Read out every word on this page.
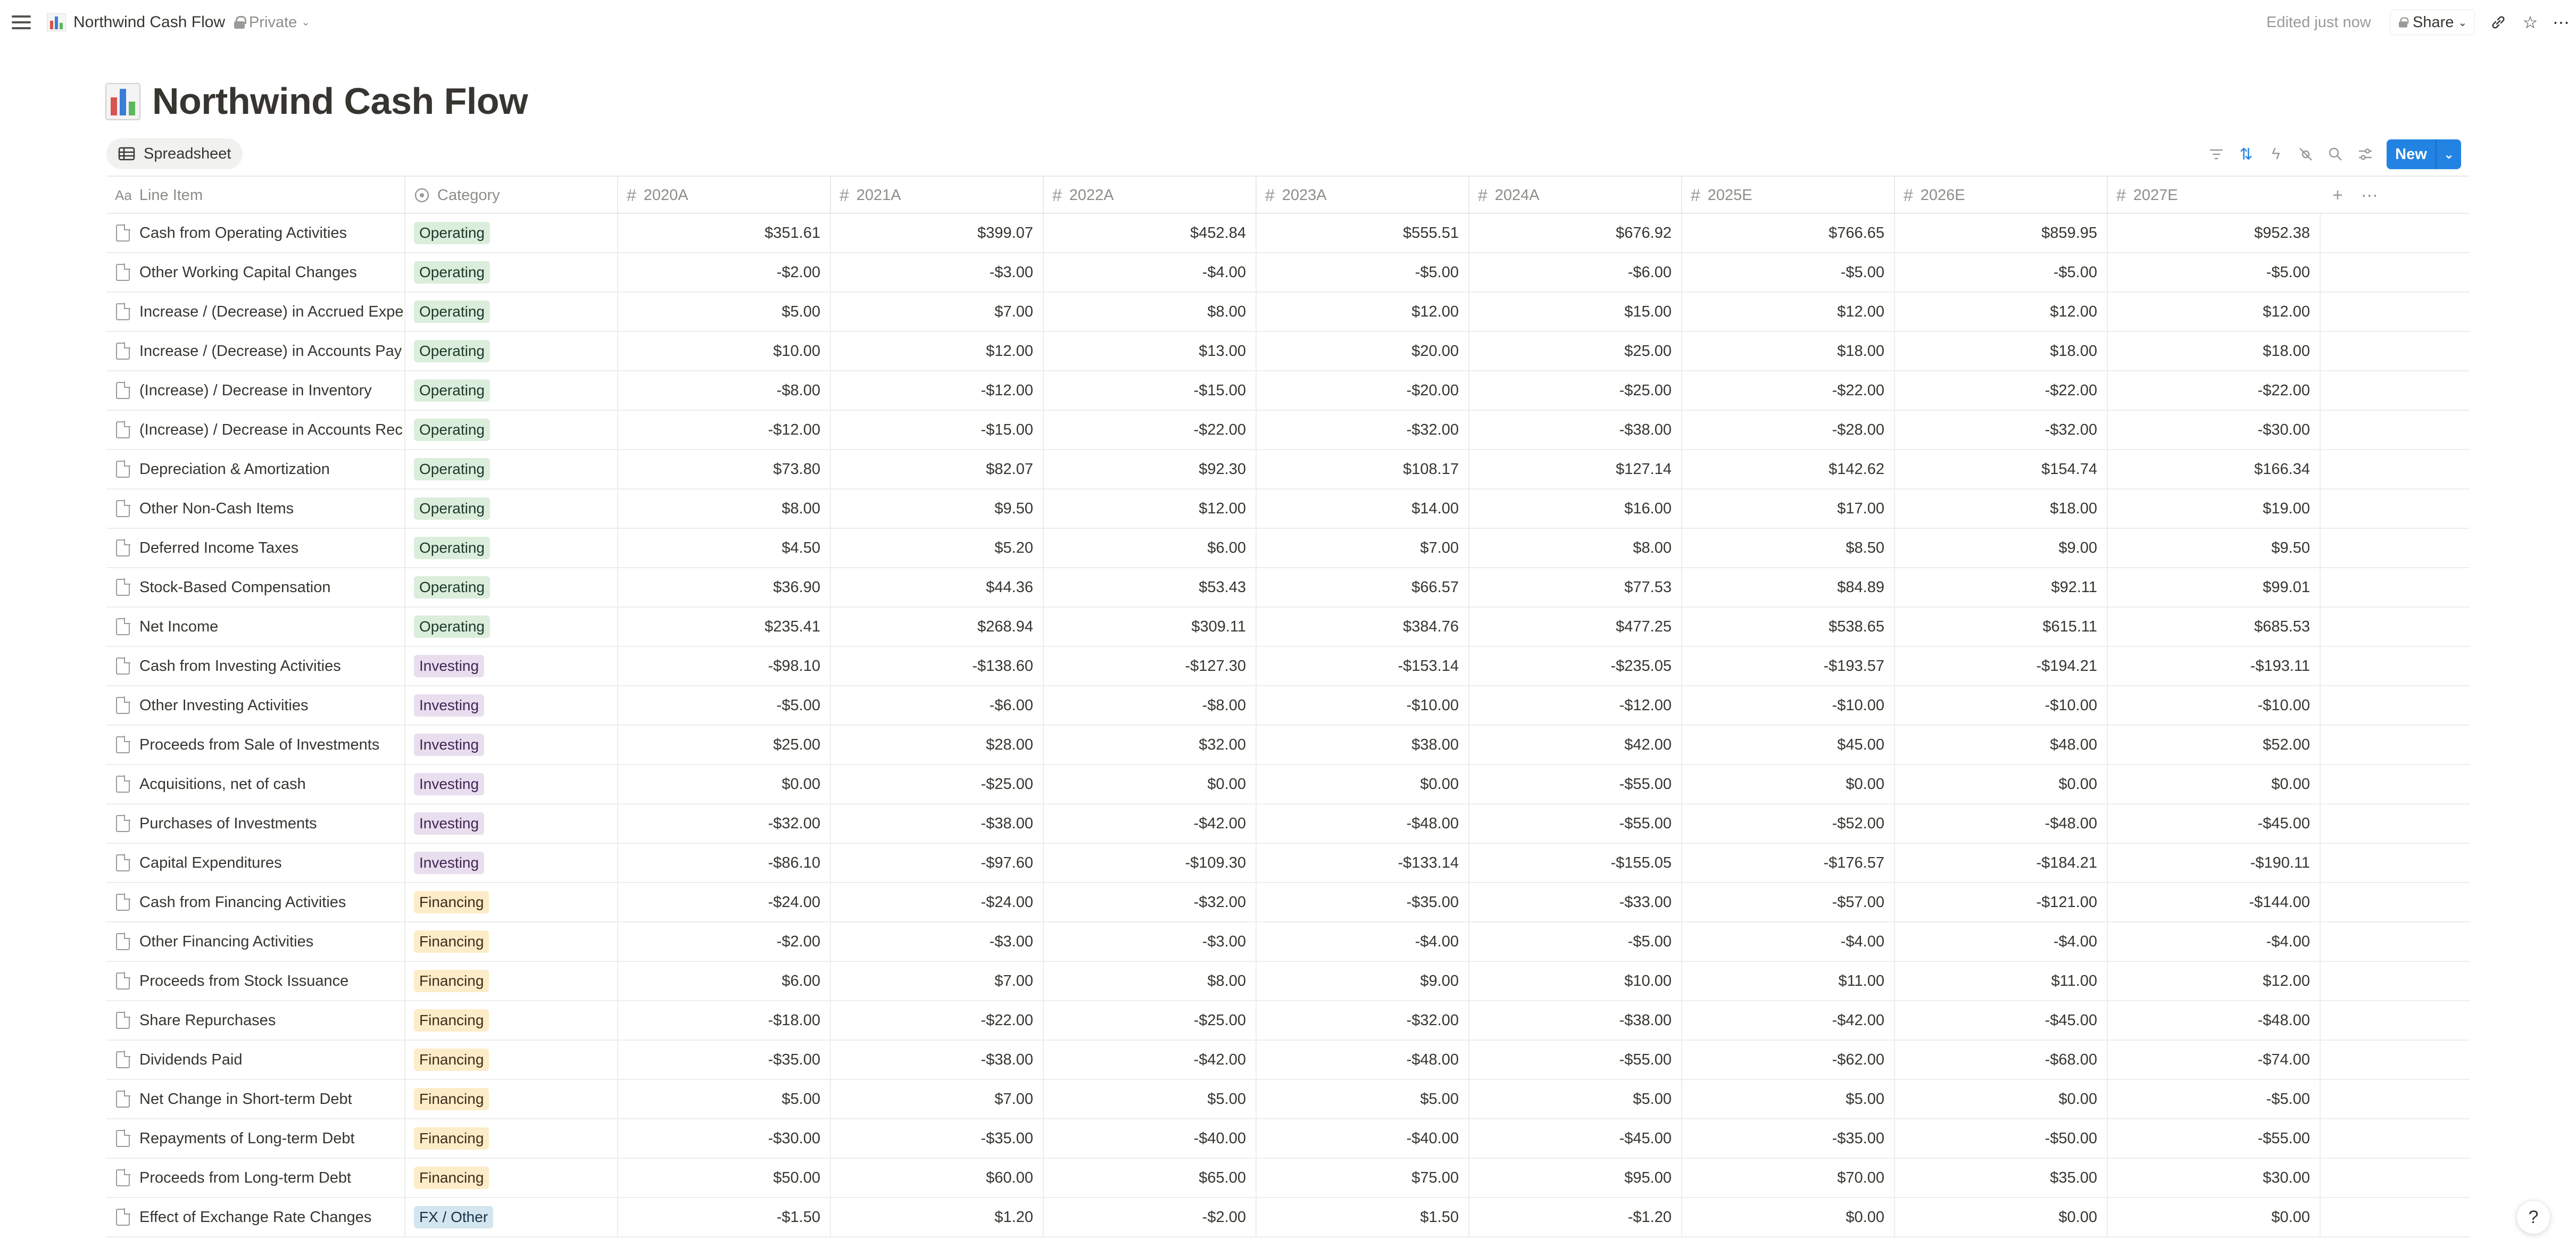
Northwind Cash Flow Private ⌄	Edited just now	Share ⌄	☆ ⋯
Northwind Cash Flow
Spreadsheet	⇅	ϟ	New	⌄
Aa Line Item	Category	# 2020A	# 2021A	# 2022A	# 2023A	# 2024A	# 2025E	# 2026E	# 2027E	+ ⋯
Cash from Operating Activities	Operating	$351.61	$399.07	$452.84	$555.51	$676.92	$766.65	$859.95	$952.38
Other Working Capital Changes	Operating	-$2.00	-$3.00	-$4.00	-$5.00	-$6.00	-$5.00	-$5.00	-$5.00
Increase / (Decrease) in Accrued Expe	Operating	$5.00	$7.00	$8.00	$12.00	$15.00	$12.00	$12.00	$12.00
Increase / (Decrease) in Accounts Pay	Operating	$10.00	$12.00	$13.00	$20.00	$25.00	$18.00	$18.00	$18.00
(Increase) / Decrease in Inventory	Operating	-$8.00	-$12.00	-$15.00	-$20.00	-$25.00	-$22.00	-$22.00	-$22.00
(Increase) / Decrease in Accounts Rec	Operating	-$12.00	-$15.00	-$22.00	-$32.00	-$38.00	-$28.00	-$32.00	-$30.00
Depreciation & Amortization	Operating	$73.80	$82.07	$92.30	$108.17	$127.14	$142.62	$154.74	$166.34
Other Non-Cash Items	Operating	$8.00	$9.50	$12.00	$14.00	$16.00	$17.00	$18.00	$19.00
Deferred Income Taxes	Operating	$4.50	$5.20	$6.00	$7.00	$8.00	$8.50	$9.00	$9.50
Stock-Based Compensation	Operating	$36.90	$44.36	$53.43	$66.57	$77.53	$84.89	$92.11	$99.01
Net Income	Operating	$235.41	$268.94	$309.11	$384.76	$477.25	$538.65	$615.11	$685.53
Cash from Investing Activities	Investing	-$98.10	-$138.60	-$127.30	-$153.14	-$235.05	-$193.57	-$194.21	-$193.11
Other Investing Activities	Investing	-$5.00	-$6.00	-$8.00	-$10.00	-$12.00	-$10.00	-$10.00	-$10.00
Proceeds from Sale of Investments	Investing	$25.00	$28.00	$32.00	$38.00	$42.00	$45.00	$48.00	$52.00
Acquisitions, net of cash	Investing	$0.00	-$25.00	$0.00	$0.00	-$55.00	$0.00	$0.00	$0.00
Purchases of Investments	Investing	-$32.00	-$38.00	-$42.00	-$48.00	-$55.00	-$52.00	-$48.00	-$45.00
Capital Expenditures	Investing	-$86.10	-$97.60	-$109.30	-$133.14	-$155.05	-$176.57	-$184.21	-$190.11
Cash from Financing Activities	Financing	-$24.00	-$24.00	-$32.00	-$35.00	-$33.00	-$57.00	-$121.00	-$144.00
Other Financing Activities	Financing	-$2.00	-$3.00	-$3.00	-$4.00	-$5.00	-$4.00	-$4.00	-$4.00
Proceeds from Stock Issuance	Financing	$6.00	$7.00	$8.00	$9.00	$10.00	$11.00	$11.00	$12.00
Share Repurchases	Financing	-$18.00	-$22.00	-$25.00	-$32.00	-$38.00	-$42.00	-$45.00	-$48.00
Dividends Paid	Financing	-$35.00	-$38.00	-$42.00	-$48.00	-$55.00	-$62.00	-$68.00	-$74.00
Net Change in Short-term Debt	Financing	$5.00	$7.00	$5.00	$5.00	$5.00	$5.00	$0.00	-$5.00
Repayments of Long-term Debt	Financing	-$30.00	-$35.00	-$40.00	-$40.00	-$45.00	-$35.00	-$50.00	-$55.00
Proceeds from Long-term Debt	Financing	$50.00	$60.00	$65.00	$75.00	$95.00	$70.00	$35.00	$30.00
Effect of Exchange Rate Changes	FX / Other	-$1.50	$1.20	-$2.00	$1.50	-$1.20	$0.00	$0.00	$0.00	?
